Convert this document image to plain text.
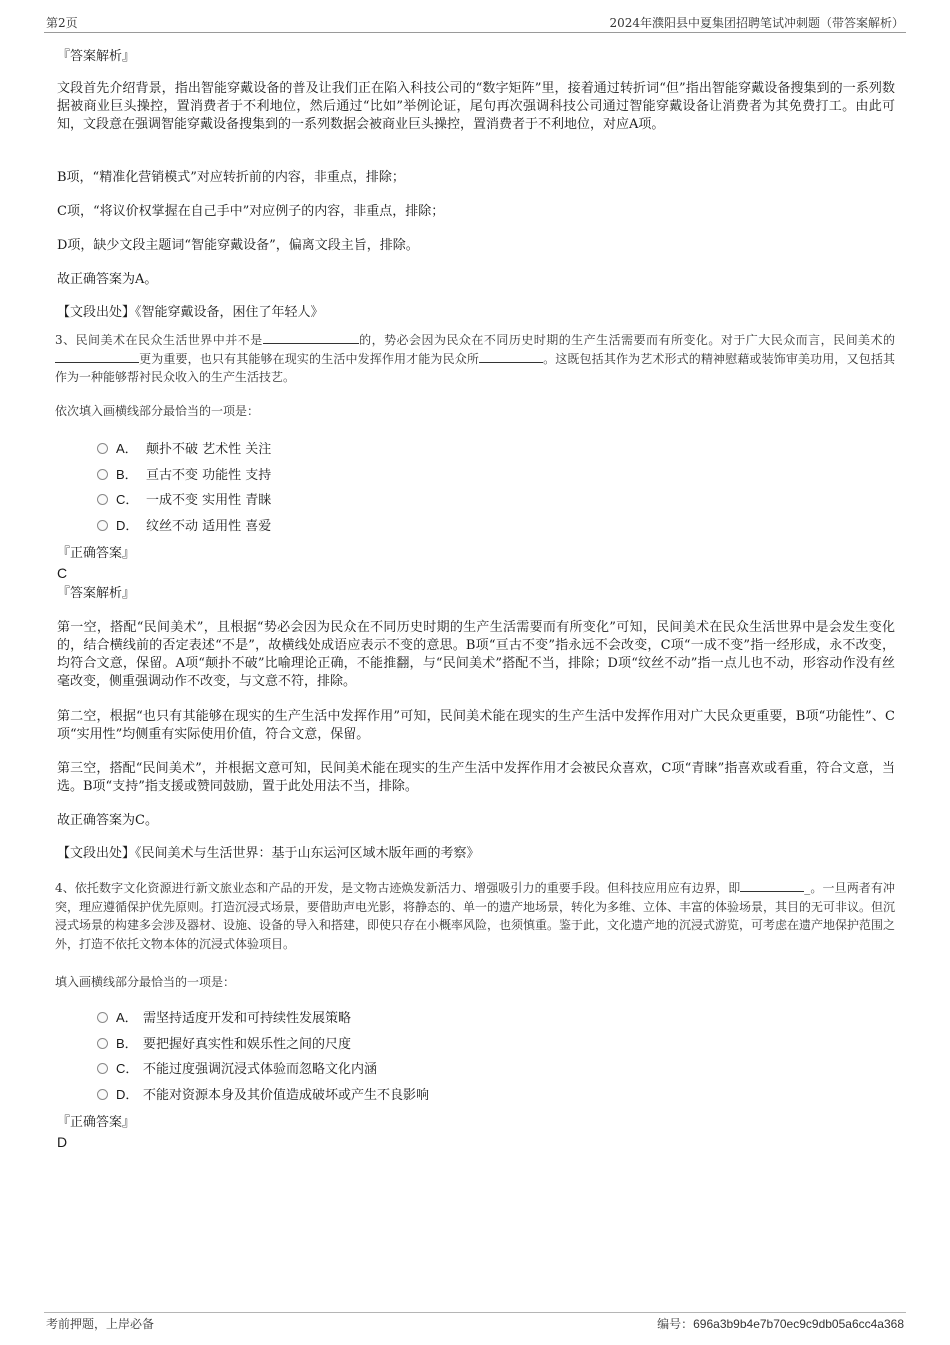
第2页	2024年濮阳县中夏集团招聘笔试冲刺题（带答案解析）

『答案解析』

文段首先介绍背景，指出智能穿戴设备的普及让我们正在陷入科技公司的“数字矩阵”里，接着通过转折词“但”指出智能穿戴设备搜集到的一系列数据被商业巨头操控，置消费者于不利地位，然后通过“比如”举例论证，尾句再次强调科技公司通过智能穿戴设备让消费者为其免费打工。由此可知，文段意在强调智能穿戴设备搜集到的一系列数据会被商业巨头操控，置消费者于不利地位，对应A项。

B项，“精准化营销模式”对应转折前的内容，非重点，排除；

C项，“将议价权掌握在自己手中”对应例子的内容，非重点，排除；

D项，缺少文段主题词“智能穿戴设备”，偏离文段主旨，排除。

故正确答案为A。

【文段出处】《智能穿戴设备，困住了年轻人》

3、民间美术在民众生活世界中并不是	的，势必会因为民众在不同历史时期的生产生活需要而有所变化。对于广大民众而言，民间美术的更为重要，也只有其能够在现实的生活中发挥作用才能为民众所	。这既包括其作为艺术形式的精神慰藉或装饰审美功用，又包括其作为一种能够帮衬民众收入的生产生活技艺。

依次填入画横线部分最恰当的一项是：

A． 颠扑不破 艺术性 关注
B． 亘古不变 功能性 支持
C． 一成不变 实用性 青睐
D． 纹丝不动 适用性 喜爱

『正确答案』

C

『答案解析』

第一空，搭配“民间美术”，且根据“势必会因为民众在不同历史时期的生产生活需要而有所变化”可知，民间美术在民众生活世界中是会发生变化的，结合横线前的否定表述“不是”，故横线处成语应表示不变的意思。B项“亘古不变”指永远不会改变，C项“一成不变”指一经形成，永不改变，均符合文意，保留。A项“颠扑不破”比喻理论正确，不能推翻，与“民间美术”搭配不当，排除；D项“纹丝不动”指一点儿也不动，形容动作没有丝毫改变，侧重强调动作不改变，与文意不符，排除。

第二空，根据“也只有其能够在现实的生产生活中发挥作用”可知，民间美术能在现实的生产生活中发挥作用对广大民众更重要，B项“功能性”、C项“实用性”均侧重有实际使用价值，符合文意，保留。

第三空，搭配“民间美术”，并根据文意可知，民间美术能在现实的生产生活中发挥作用才会被民众喜欢，C项“青睐”指喜欢或看重，符合文意，当选。B项“支持”指支援或赞同鼓励，置于此处用法不当，排除。

故正确答案为C。

【文段出处】《民间美术与生活世界：基于山东运河区域木版年画的考察》

4、依托数字文化资源进行新文旅业态和产品的开发，是文物古迹焕发新活力、增强吸引力的重要手段。但科技应用应有边界，即	_。一旦两者有冲突，理应遵循保护优先原则。打造沉浸式场景，要借助声电光影，将静态的、单一的遗产地场景，转化为多维、立体、丰富的体验场景，其目的无可非议。但沉浸式场景的构建多会涉及器材、设施、设备的导入和搭建，即使只存在小概率风险，也须慎重。鉴于此，文化遗产地的沉浸式游览，可考虑在遗产地保护范围之外，打造不依托文物本体的沉浸式体验项目。

填入画横线部分最恰当的一项是：

A． 需坚持适度开发和可持续性发展策略
B． 要把握好真实性和娱乐性之间的尺度
C． 不能过度强调沉浸式体验而忽略文化内涵
D． 不能对资源本身及其价值造成破坏或产生不良影响

『正确答案』

D
考前押题，上岸必备	编号：696a3b9b4e7b70ec9c9db05a6cc4a368
